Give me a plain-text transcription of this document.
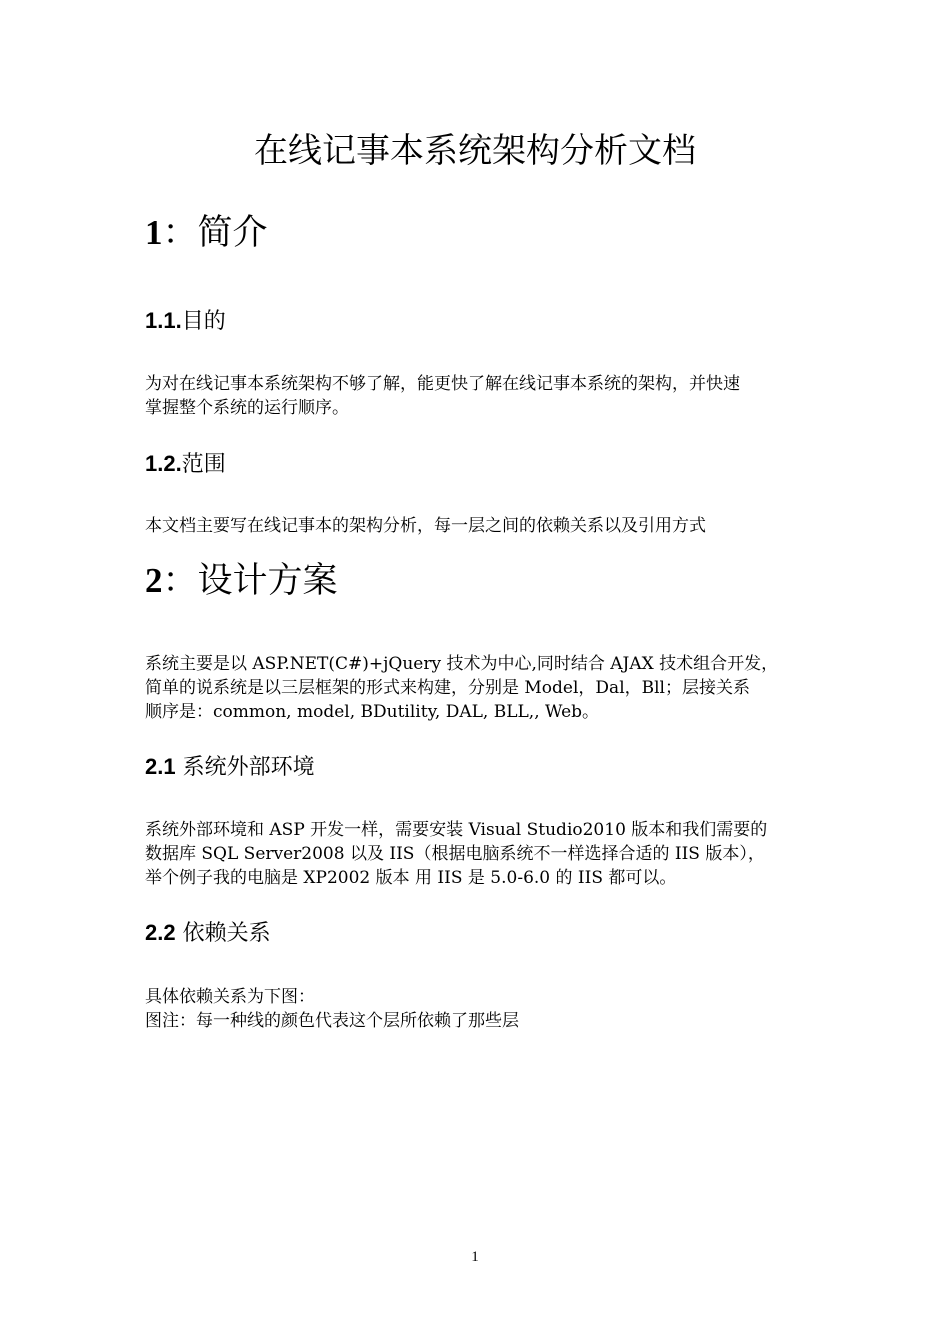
在线记事本系统架构分析文档
1：简介
1.1.目的

为对在线记事本系统架构不够了解，能更快了解在线记事本系统的架构，并快速
掌握整个系统的运行顺序。

1.2.范围

本文档主要写在线记事本的架构分析，每一层之间的依赖关系以及引用方式

2：设计方案

系统主要是以 ASP.NET(C#)+jQuery 技术为中心,同时结合 AJAX 技术组合开发，
简单的说系统是以三层框架的形式来构建，分别是 Model，Dal，Bll；层接关系
顺序是：common, model, BDutility, DAL, BLL,, Web。

2.1 系统外部环境

系统外部环境和 ASP 开发一样，需要安装 Visual Studio2010 版本和我们需要的
数据库 SQL Server2008 以及 IIS（根据电脑系统不一样选择合适的 IIS 版本），
举个例子我的电脑是 XP2002 版本 用 IIS 是 5.0-6.0 的 IIS 都可以。

2.2 依赖关系

具体依赖关系为下图：
图注：每一种线的颜色代表这个层所依赖了那些层

1
